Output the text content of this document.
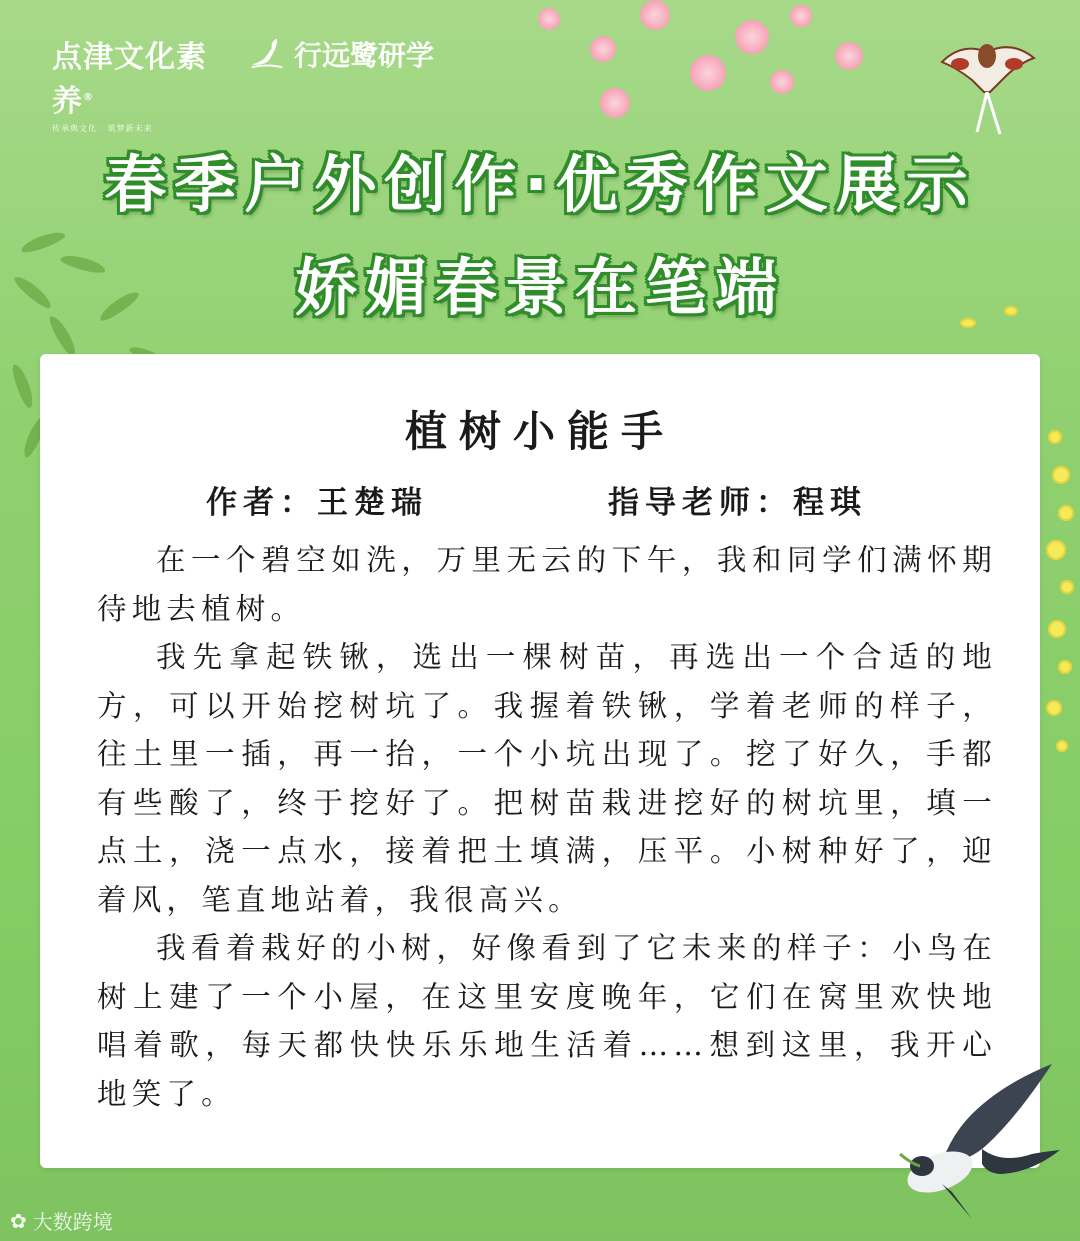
点津文化素养®
传承典文化 · 筑梦新未来
行远鹭研学
春季户外创作·优秀作文展示
娇媚春景在笔端
植树小能手
作者：王楚瑞	指导老师：程琪

在一个碧空如洗，万里无云的下午，我和同学们满怀期待地去植树。

我先拿起铁锹，选出一棵树苗，再选出一个合适的地方，可以开始挖树坑了。我握着铁锹，学着老师的样子，往土里一插，再一抬，一个小坑出现了。挖了好久，手都有些酸了，终于挖好了。把树苗栽进挖好的树坑里，填一点土，浇一点水，接着把土填满，压平。小树种好了，迎着风，笔直地站着，我很高兴。

我看着栽好的小树，好像看到了它未来的样子：小鸟在树上建了一个小屋，在这里安度晚年，它们在窝里欢快地唱着歌，每天都快快乐乐地生活着……想到这里，我开心地笑了。

✿ 大数跨境
